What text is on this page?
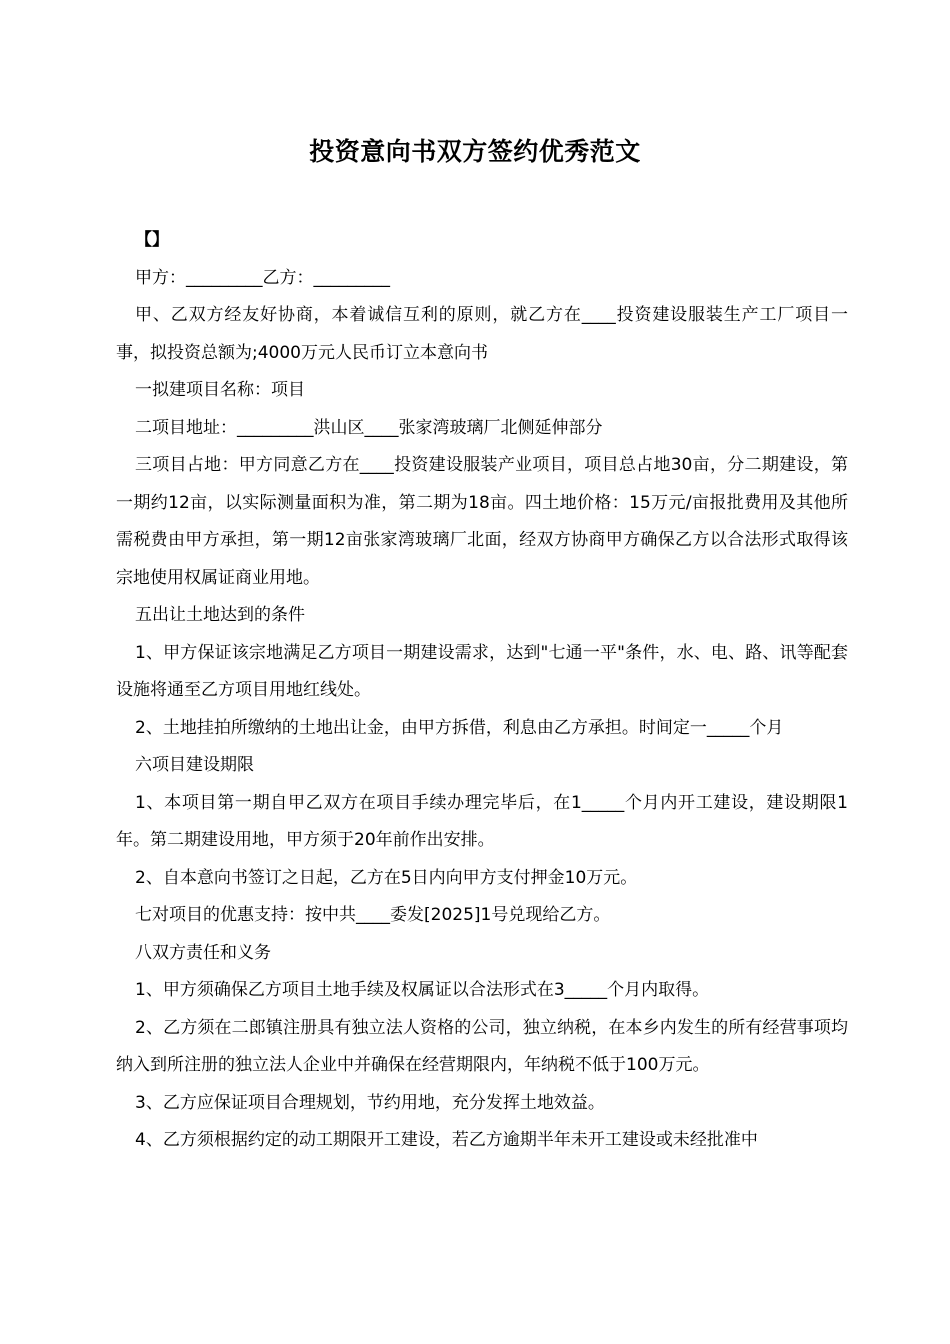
投资意向书双方签约优秀范文

【】

甲方：_________乙方：_________

甲、乙双方经友好协商，本着诚信互利的原则，就乙方在____投资建设服装生产工厂项目一事，拟投资总额为;4000万元人民币订立本意向书

一拟建项目名称：项目

二项目地址：_________洪山区____张家湾玻璃厂北侧延伸部分

三项目占地：甲方同意乙方在____投资建设服装产业项目，项目总占地30亩，分二期建设，第一期约12亩，以实际测量面积为准，第二期为18亩。四土地价格：15万元/亩报批费用及其他所需税费由甲方承担，第一期12亩张家湾玻璃厂北面，经双方协商甲方确保乙方以合法形式取得该宗地使用权属证商业用地。

五出让土地达到的条件

1、甲方保证该宗地满足乙方项目一期建设需求，达到"七通一平"条件，水、电、路、讯等配套设施将通至乙方项目用地红线处。

2、土地挂拍所缴纳的土地出让金，由甲方拆借，利息由乙方承担。时间定一_____个月

六项目建设期限

1、本项目第一期自甲乙双方在项目手续办理完毕后，在1_____个月内开工建设，建设期限1年。第二期建设用地，甲方须于20年前作出安排。

2、自本意向书签订之日起，乙方在5日内向甲方支付押金10万元。

七对项目的优惠支持：按中共____委发[2025]1号兑现给乙方。

八双方责任和义务

1、甲方须确保乙方项目土地手续及权属证以合法形式在3_____个月内取得。

2、乙方须在二郎镇注册具有独立法人资格的公司，独立纳税，在本乡内发生的所有经营事项均纳入到所注册的独立法人企业中并确保在经营期限内，年纳税不低于100万元。

3、乙方应保证项目合理规划，节约用地，充分发挥土地效益。

4、乙方须根据约定的动工期限开工建设，若乙方逾期半年未开工建设或未经批准中
